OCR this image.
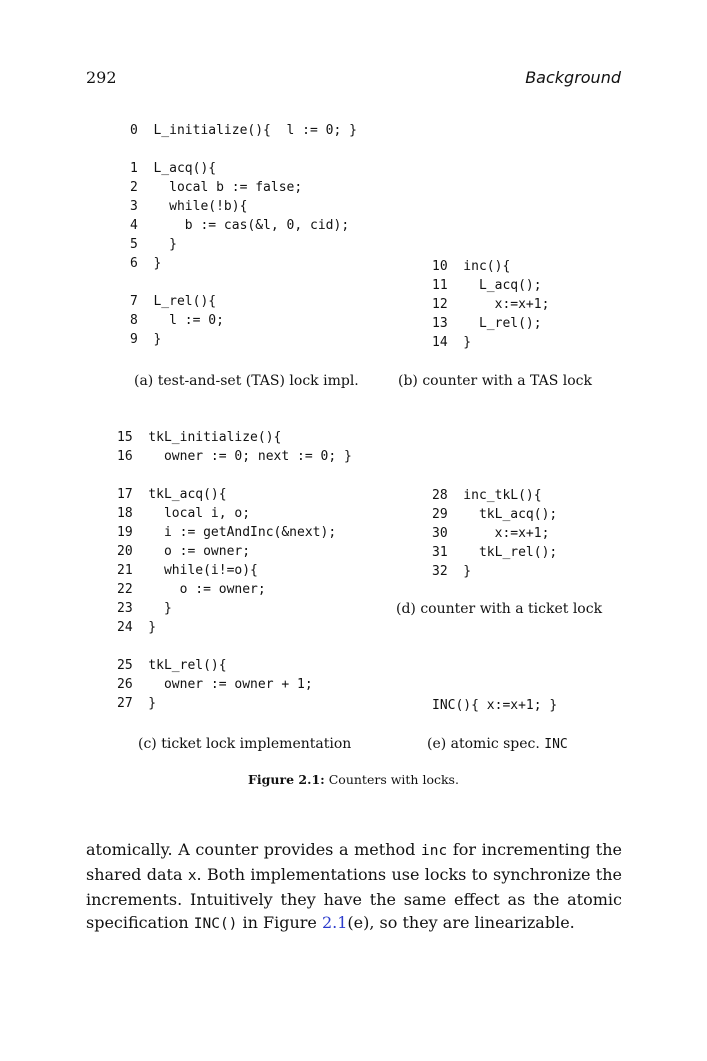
292	Background
0  L_initialize(){  l := 0; }

1  L_acq(){
2    local b := false;
3    while(!b){
4      b := cas(&l, 0, cid);
5    }
6  }

7  L_rel(){
8    l := 0;
9  }
10  inc(){
11    L_acq();
12      x:=x+1;
13    L_rel();
14  }
(a) test-and-set (TAS) lock impl.	(b) counter with a TAS lock
15  tkL_initialize(){
16    owner := 0; next := 0; }

17  tkL_acq(){
18    local i, o;
19    i := getAndInc(&next);
20    o := owner;
21    while(i!=o){
22      o := owner;
23    }
24  }

25  tkL_rel(){
26    owner := owner + 1;
27  }
28  inc_tkL(){
29    tkL_acq();
30      x:=x+1;
31    tkL_rel();
32  }
(d) counter with a ticket lock
INC(){ x:=x+1; }
(c) ticket lock implementation	(e) atomic spec. INC
Figure 2.1: Counters with locks.

atomically. A counter provides a method inc for incrementing the shared data x. Both implementations use locks to synchronize the increments. Intuitively they have the same effect as the atomic specification INC() in Figure 2.1(e), so they are linearizable.
